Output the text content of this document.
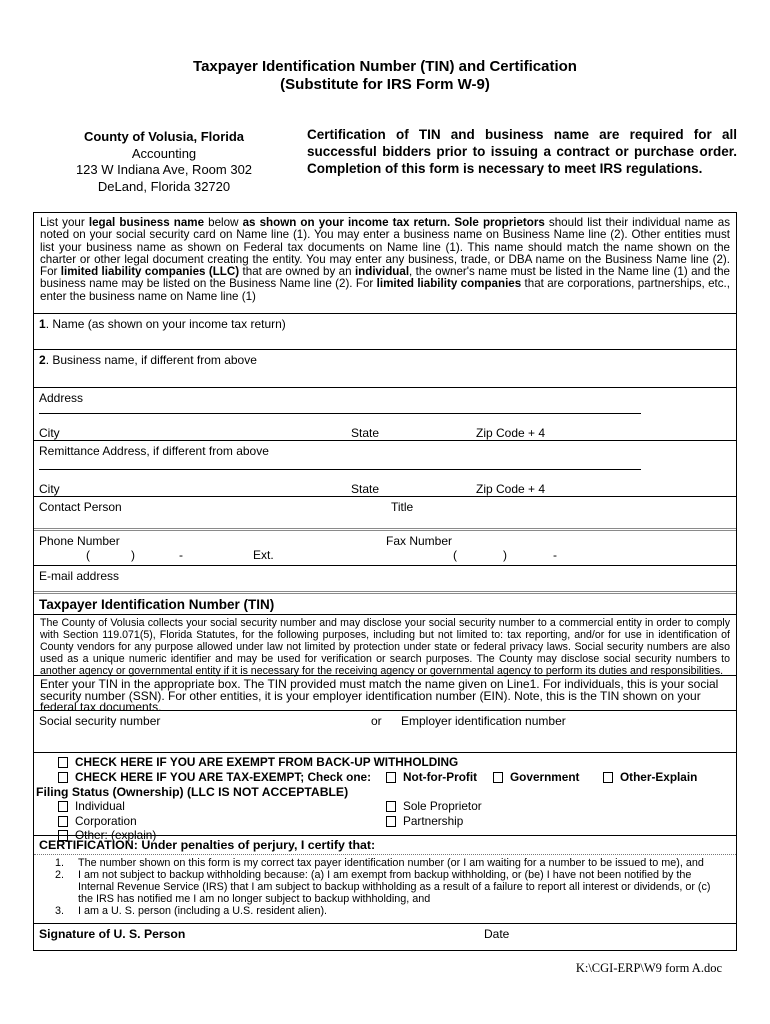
Taxpayer Identification Number (TIN) and Certification
(Substitute for IRS Form W-9)
County of Volusia, Florida
Accounting
123 W Indiana Ave, Room 302
DeLand, Florida 32720
Certification of TIN and business name are required for all successful bidders prior to issuing a contract or purchase order. Completion of this form is necessary to meet IRS regulations.
List your legal business name below as shown on your income tax return. Sole proprietors should list their individual name as noted on your social security card on Name line (1). You may enter a business name on Business Name line (2). Other entities must list your business name as shown on Federal tax documents on Name line (1). This name should match the name shown on the charter or other legal document creating the entity. You may enter any business, trade, or DBA name on the Business Name line (2). For limited liability companies (LLC) that are owned by an individual, the owner's name must be listed in the Name line (1) and the business name may be listed on the Business Name line (2). For limited liability companies that are corporations, partnerships, etc., enter the business name on Name line (1)
1. Name (as shown on your income tax return)
2. Business name, if different from above
Address
City	State	Zip Code + 4
Remittance Address, if different from above
City	State	Zip Code + 4
Contact Person	Title
Phone Number	Fax Number
(	)	-	Ext.	(	)	-
E-mail address
Taxpayer Identification Number (TIN)
The County of Volusia collects your social security number and may disclose your social security number to a commercial entity in order to comply with Section 119.071(5), Florida Statutes, for the following purposes, including but not limited to: tax reporting, and/or for use in identification of County vendors for any purpose allowed under law not limited by protection under state or federal privacy laws. Social security numbers are also used as a unique numeric identifier and may be used for verification or search purposes. The County may disclose social security numbers to another agency or governmental entity if it is necessary for the receiving agency or governmental agency to perform its duties and responsibilities.
Enter your TIN in the appropriate box. The TIN provided must match the name given on Line1. For individuals, this is your social security number (SSN). For other entities, it is your employer identification number (EIN). Note, this is the TIN shown on your federal tax documents.
Social security number	or Employer identification number
CHECK HERE IF YOU ARE EXEMPT FROM BACK-UP WITHHOLDING
CHECK HERE IF YOU ARE TAX-EXEMPT; Check one:	Not-for-Profit	Government	Other-Explain
Filing Status (Ownership) (LLC IS NOT ACCEPTABLE)
Individual	Sole Proprietor
Corporation	Partnership
Other: (explain)
CERTIFICATION: Under penalties of perjury, I certify that:
1.	The number shown on this form is my correct tax payer identification number (or I am waiting for a number to be issued to me), and
2.	I am not subject to backup withholding because: (a) I am exempt from backup withholding, or (be) I have not been notified by the Internal Revenue Service (IRS) that I am subject to backup withholding as a result of a failure to report all interest or dividends, or (c) the IRS has notified me I am no longer subject to backup withholding, and
3.	I am a U. S. person (including a U.S. resident alien).
Signature of U. S. Person	Date
K:\CGI-ERP\W9 form A.doc
